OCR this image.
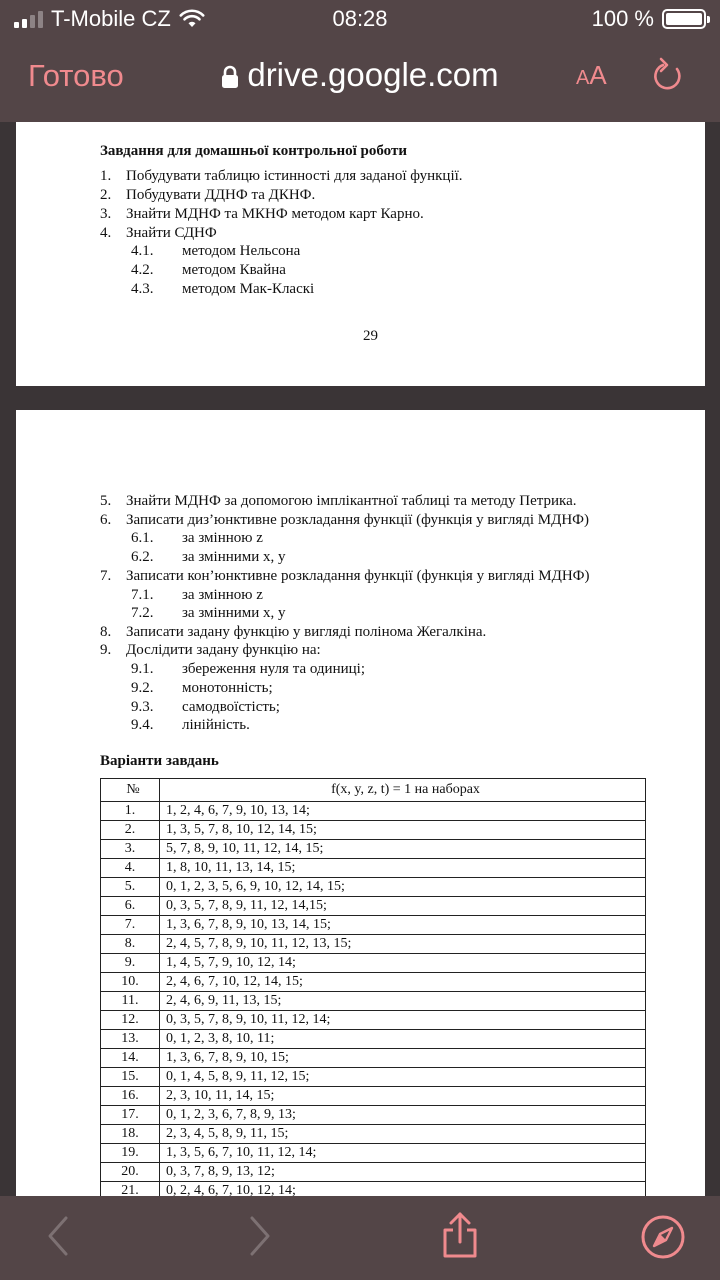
T-Mobile CZ	08:28	100 %
Готово	drive.google.com	AA
Завдання для домашньої контрольної роботи
1. Побудувати таблицю істинності для заданої функції.
2. Побудувати ДДНФ та ДКНФ.
3. Знайти МДНФ та МКНФ методом карт Карно.
4. Знайти СДНФ
4.1. методом Нельсона
4.2. методом Квайна
4.3. методом Мак-Класкі
29
5. Знайти МДНФ за допомогою імплікантної таблиці та методу Петрика.
6. Записати диз’юнктивне розкладання функції (функція у вигляді МДНФ)
6.1. за змінною z
6.2. за змінними x, y
7. Записати кон’юнктивне розкладання функції (функція у вигляді МДНФ)
7.1. за змінною z
7.2. за змінними x, y
8. Записати задану функцію у вигляді полінома Жегалкіна.
9. Дослідити задану функцію на:
9.1. збереження нуля та одиниці;
9.2. монотонність;
9.3. самодвоїстість;
9.4. лінійність.
Варіанти завдань
№	f(x, y, z, t) = 1 на наборах
1.	1, 2, 4, 6, 7, 9, 10, 13, 14;
2.	1, 3, 5, 7, 8, 10, 12, 14, 15;
3.	5, 7, 8, 9, 10, 11, 12, 14, 15;
4.	1, 8, 10, 11, 13, 14, 15;
5.	0, 1, 2, 3, 5, 6, 9, 10, 12, 14, 15;
6.	0, 3, 5, 7, 8, 9, 11, 12, 14,15;
7.	1, 3, 6, 7, 8, 9, 10, 13, 14, 15;
8.	2, 4, 5, 7, 8, 9, 10, 11, 12, 13, 15;
9.	1, 4, 5, 7, 9, 10, 12, 14;
10.	2, 4, 6, 7, 10, 12, 14, 15;
11.	2, 4, 6, 9, 11, 13, 15;
12.	0, 3, 5, 7, 8, 9, 10, 11, 12, 14;
13.	0, 1, 2, 3, 8, 10, 11;
14.	1, 3, 6, 7, 8, 9, 10, 15;
15.	0, 1, 4, 5, 8, 9, 11, 12, 15;
16.	2, 3, 10, 11, 14, 15;
17.	0, 1, 2, 3, 6, 7, 8, 9, 13;
18.	2, 3, 4, 5, 8, 9, 11, 15;
19.	1, 3, 5, 6, 7, 10, 11, 12, 14;
20.	0, 3, 7, 8, 9, 13, 12;
21.	0, 2, 4, 6, 7, 10, 12, 14;
